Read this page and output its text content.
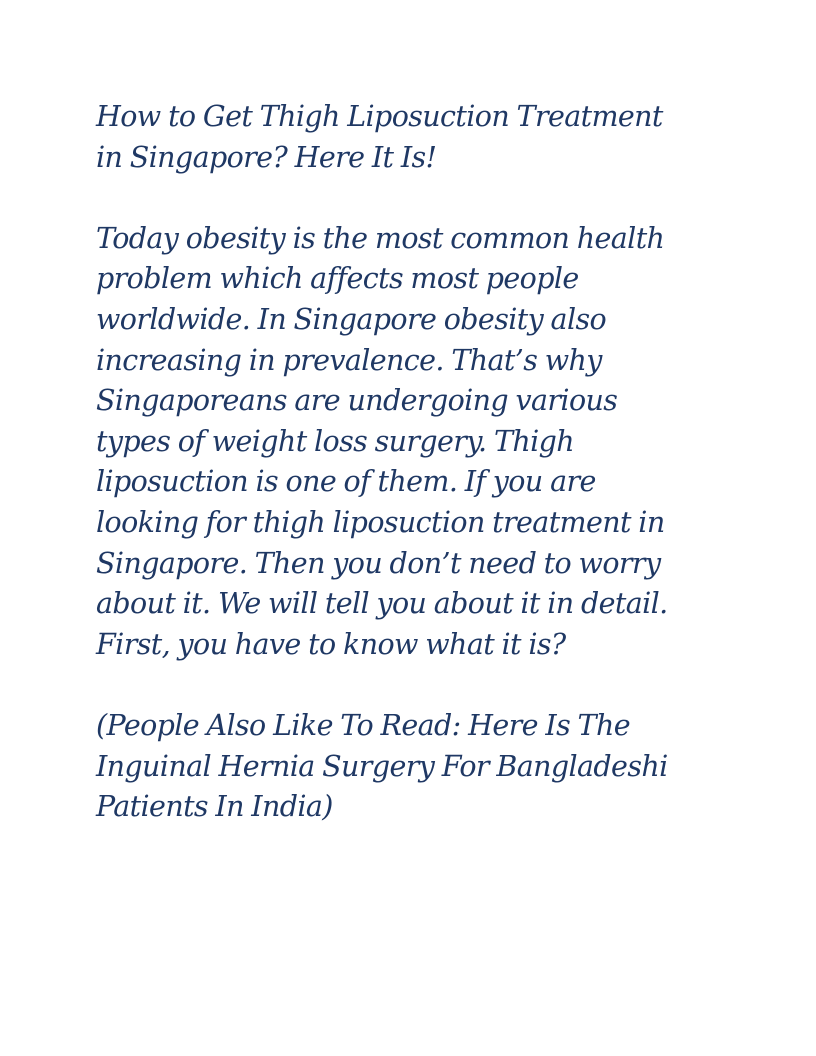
How to Get Thigh Liposuction Treatment
in Singapore? Here It Is!

Today obesity is the most common health
problem which affects most people
worldwide. In Singapore obesity also
increasing in prevalence. That’s why
Singaporeans are undergoing various
types of weight loss surgery. Thigh
liposuction is one of them. If you are
looking for thigh liposuction treatment in
Singapore. Then you don’t need to worry
about it. We will tell you about it in detail.
First, you have to know what it is?

(People Also Like To Read: Here Is The
Inguinal Hernia Surgery For Bangladeshi
Patients In India)
